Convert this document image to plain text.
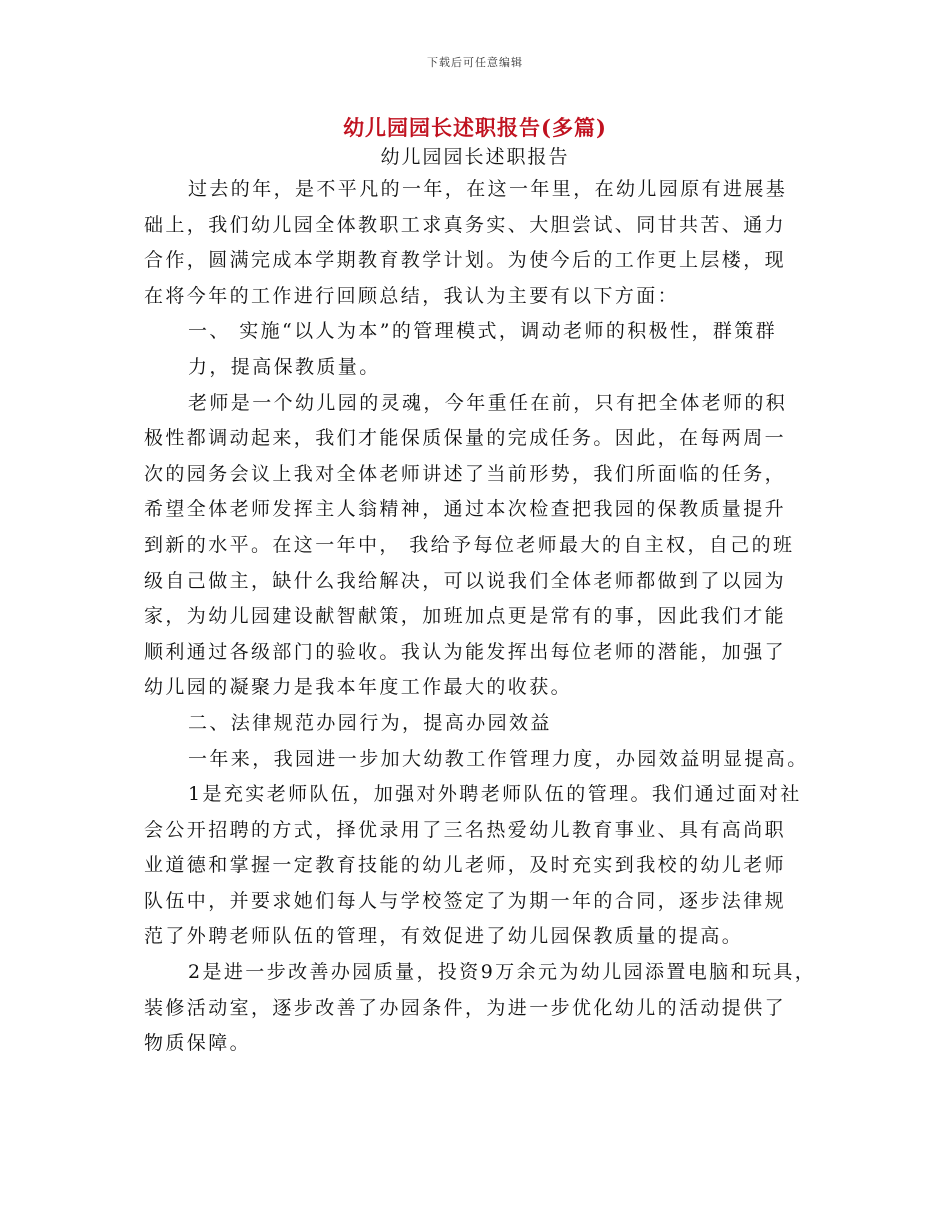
下载后可任意编辑
幼儿园园长述职报告(多篇)
幼儿园园长述职报告
过去的年，是不平凡的一年，在这一年里，在幼儿园原有进展基
础上，我们幼儿园全体教职工求真务实、大胆尝试、同甘共苦、通力
合作，圆满完成本学期教育教学计划。为使今后的工作更上层楼，现
在将今年的工作进行回顾总结，我认为主要有以下方面：
一、 实施“以人为本”的管理模式，调动老师的积极性，群策群
力，提高保教质量。
老师是一个幼儿园的灵魂，今年重任在前，只有把全体老师的积
极性都调动起来，我们才能保质保量的完成任务。因此，在每两周一
次的园务会议上我对全体老师讲述了当前形势，我们所面临的任务，
希望全体老师发挥主人翁精神，通过本次检查把我园的保教质量提升
到新的水平。在这一年中， 我给予每位老师最大的自主权，自己的班
级自己做主，缺什么我给解决，可以说我们全体老师都做到了以园为
家，为幼儿园建设献智献策，加班加点更是常有的事，因此我们才能
顺利通过各级部门的验收。我认为能发挥出每位老师的潜能，加强了
幼儿园的凝聚力是我本年度工作最大的收获。
二、法律规范办园行为，提高办园效益
一年来，我园进一步加大幼教工作管理力度，办园效益明显提高。
1是充实老师队伍，加强对外聘老师队伍的管理。我们通过面对社
会公开招聘的方式，择优录用了三名热爱幼儿教育事业、具有高尚职
业道德和掌握一定教育技能的幼儿老师，及时充实到我校的幼儿老师
队伍中，并要求她们每人与学校签定了为期一年的合同，逐步法律规
范了外聘老师队伍的管理，有效促进了幼儿园保教质量的提高。
2是进一步改善办园质量，投资9万余元为幼儿园添置电脑和玩具，
装修活动室，逐步改善了办园条件，为进一步优化幼儿的活动提供了
物质保障。
